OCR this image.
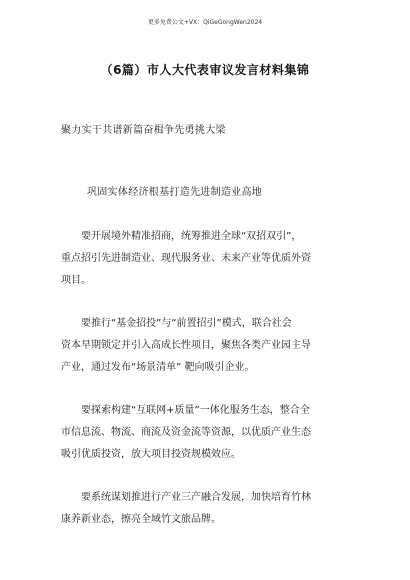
更多免费公文+VX：QiGeGongWen2024
（6篇）市人大代表审议发言材料集锦
聚力实干共谱新篇奋楫争先勇挑大梁
巩固实体经济根基打造先进制造业高地
要开展境外精准招商，统筹推进全球“双招双引”，
重点招引先进制造业、现代服务业、未来产业等优质外资
项目。
要推行“基金招投”与“前置招引”模式，联合社会
资本早期锁定并引入高成长性项目，聚焦各类产业园主导
产业，通过发布“场景清单” 靶向吸引企业。
要探索构建“互联网+质量”一体化服务生态，整合全
市信息流、物流、商流及资金流等资源，以优质产业生态
吸引优质投资，放大项目投资规模效应。
要系统谋划推进行产业三产融合发展，加快培育竹林
康养新业态，擦亮全域竹文旅品牌。
